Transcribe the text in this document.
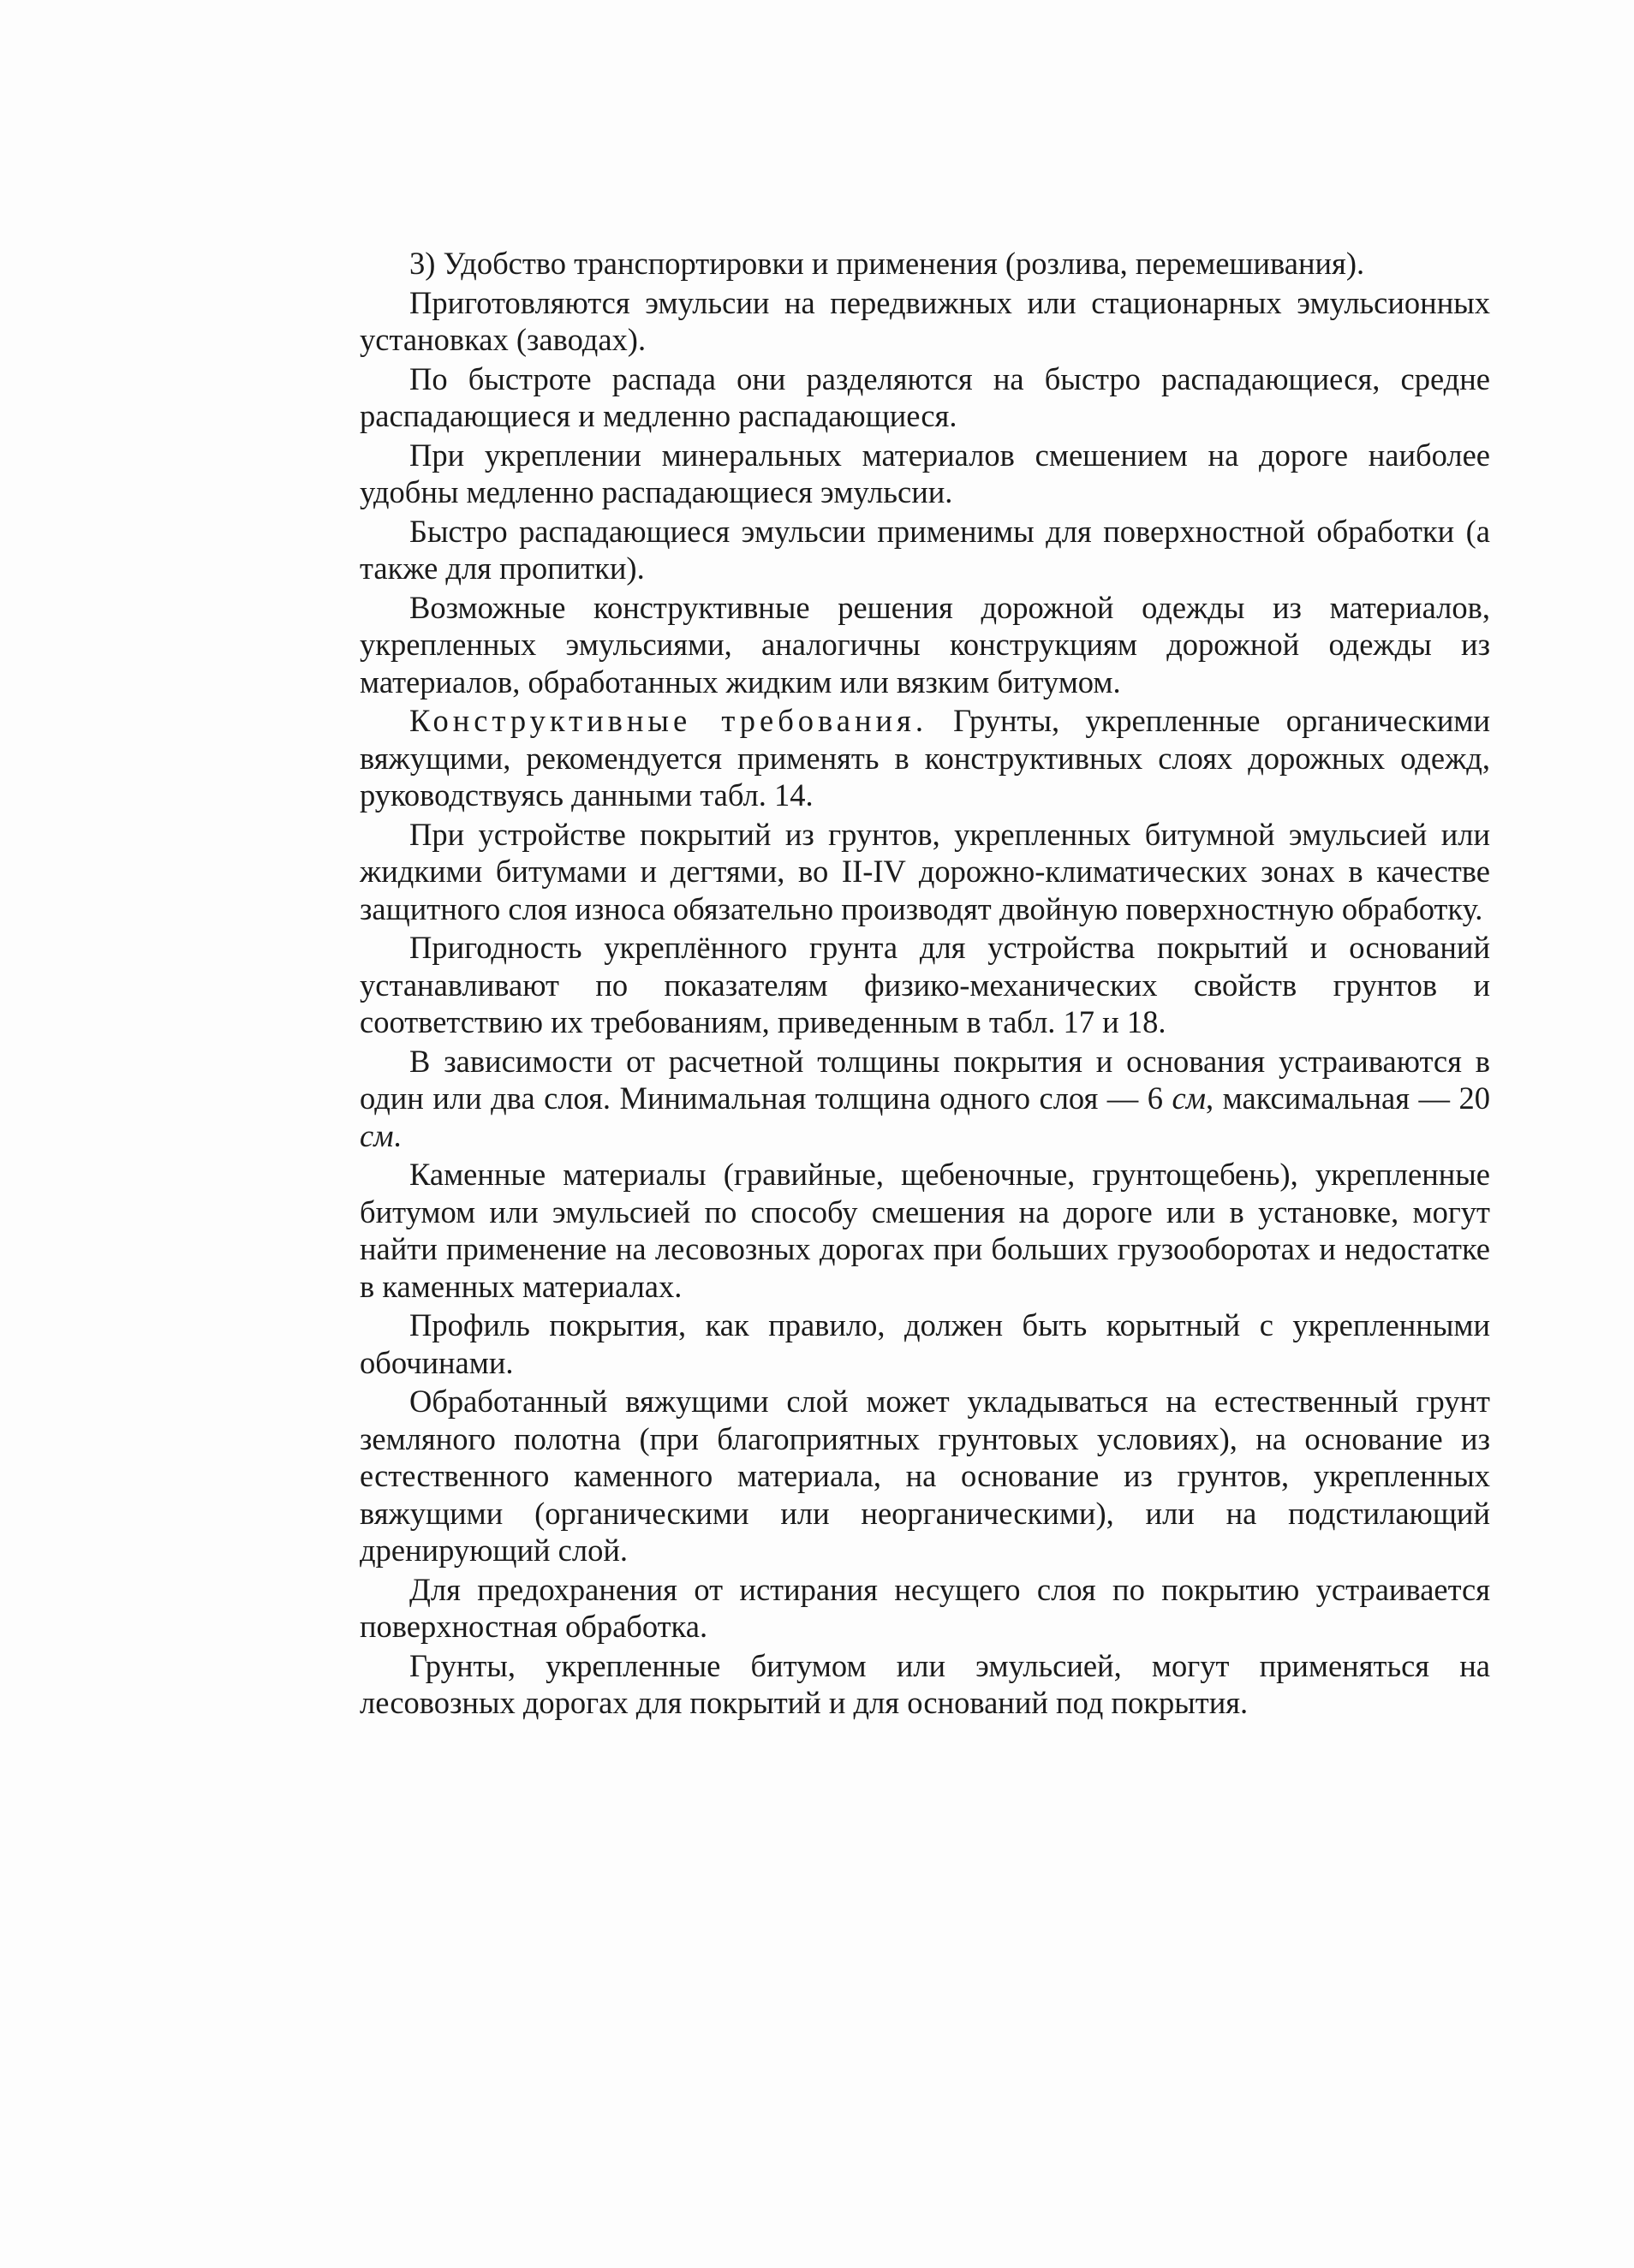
3) Удобство транспортировки и применения (розлива, перемешивания).

Приготовляются эмульсии на передвижных или стационарных эмульсионных установках (заводах).

По быстроте распада они разделяются на быстро распадающиеся, средне распадающиеся и медленно распадающиеся.

При укреплении минеральных материалов смешением на дороге наиболее удобны медленно распадающиеся эмульсии.

Быстро распадающиеся эмульсии применимы для поверхностной обработки (а также для пропитки).

Возможные конструктивные решения дорожной одежды из материалов, укрепленных эмульсиями, аналогичны конструкциям дорожной одежды из материалов, обработанных жидким или вязким битумом.

Конструктивные требования. Грунты, укрепленные органическими вяжущими, рекомендуется применять в конструктивных слоях дорожных одежд, руководствуясь данными табл. 14.

При устройстве покрытий из грунтов, укрепленных битумной эмульсией или жидкими битумами и дегтями, во II-IV дорожно-климатических зонах в качестве защитного слоя износа обязательно производят двойную поверхностную обработку.

Пригодность укреплённого грунта для устройства покрытий и оснований устанавливают по показателям физико-механических свойств грунтов и соответствию их требованиям, приведенным в табл. 17 и 18.

В зависимости от расчетной толщины покрытия и основания устраиваются в один или два слоя. Минимальная толщина одного слоя — 6 см, максимальная — 20 см.

Каменные материалы (гравийные, щебеночные, грунтощебень), укрепленные битумом или эмульсией по способу смешения на дороге или в установке, могут найти применение на лесовозных дорогах при больших грузооборотах и недостатке в каменных материалах.

Профиль покрытия, как правило, должен быть корытный с укрепленными обочинами.

Обработанный вяжущими слой может укладываться на естественный грунт земляного полотна (при благоприятных грунтовых условиях), на основание из естественного каменного материала, на основание из грунтов, укрепленных вяжущими (органическими или неорганическими), или на подстилающий дренирующий слой.

Для предохранения от истирания несущего слоя по покрытию устраивается поверхностная обработка.

Грунты, укрепленные битумом или эмульсией, могут применяться на лесовозных дорогах для покрытий и для оснований под покрытия.
